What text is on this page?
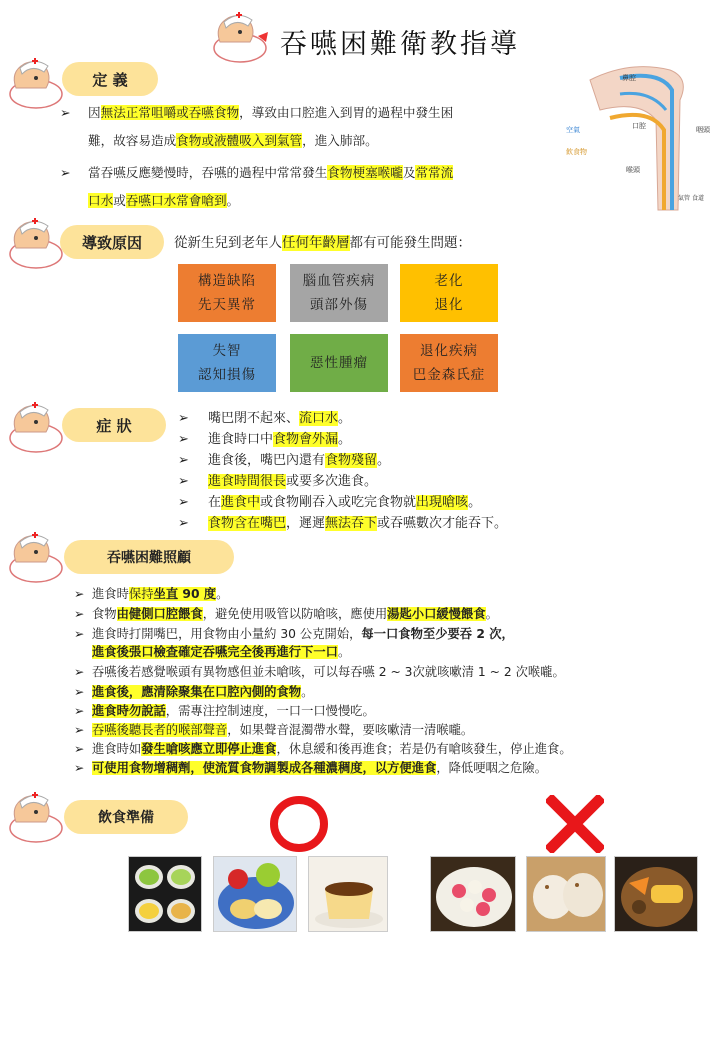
吞嚥困難衛教指導
鼻腔
空氣
飲食物
口腔	咽頭
喉頭
氣管 食道
定 義
➢ 因無法正常咀嚼或吞嚥食物，導致由口腔進入到胃的過程中發生困
難，故容易造成食物或液體吸入到氣管，進入肺部。
➢ 當吞嚥反應變慢時，吞嚥的過程中常常發生食物梗塞喉嚨及常常流
口水或吞嚥口水常會嗆到。
導致原因 從新生兒到老年人任何年齡層都有可能發生問題：
構造缺陷
先天異常
腦血管疾病
頭部外傷
老化
退化
失智
認知損傷
惡性腫瘤
退化疾病
巴金森氏症
症 狀	➢ 嘴巴閉不起來、流口水。
➢ 進食時口中食物會外漏。
➢ 進食後，嘴巴內還有食物殘留。
➢ 進食時間很長或要多次進食。
➢ 在進食中或食物剛吞入或吃完食物就出現嗆咳。
➢ 食物含在嘴巴，遲遲無法吞下或吞嚥數次才能吞下。
吞嚥困難照顧
➢ 進食時保持坐直 90 度。
➢ 食物由健側口腔餵食，避免使用吸管以防嗆咳，應使用湯匙小口緩慢餵食。
➢ 進食時打開嘴巴，用食物由小量約 30 公克開始，每一口食物至少要吞 2 次，
進食後張口檢查確定吞嚥完全後再進行下一口。
➢ 吞嚥後若感覺喉頭有異物感但並未嗆咳，可以每吞嚥 2 ~ 3次就咳嗽清 1 ~ 2 次喉嚨。
➢ 進食後，應清除聚集在口腔內側的食物。
➢ 進食時勿說話，需專注控制速度，一口一口慢慢吃。
➢ 吞嚥後聽長者的喉部聲音，如果聲音混濁帶水聲，要咳嗽清一清喉嚨。
➢ 進食時如發生嗆咳應立即停止進食，休息緩和後再進食；若是仍有嗆咳發生，停止進食。
➢ 可使用食物增稠劑，使流質食物調製成各種濃稠度，以方便進食，降低哽咽之危險。
飲食準備
